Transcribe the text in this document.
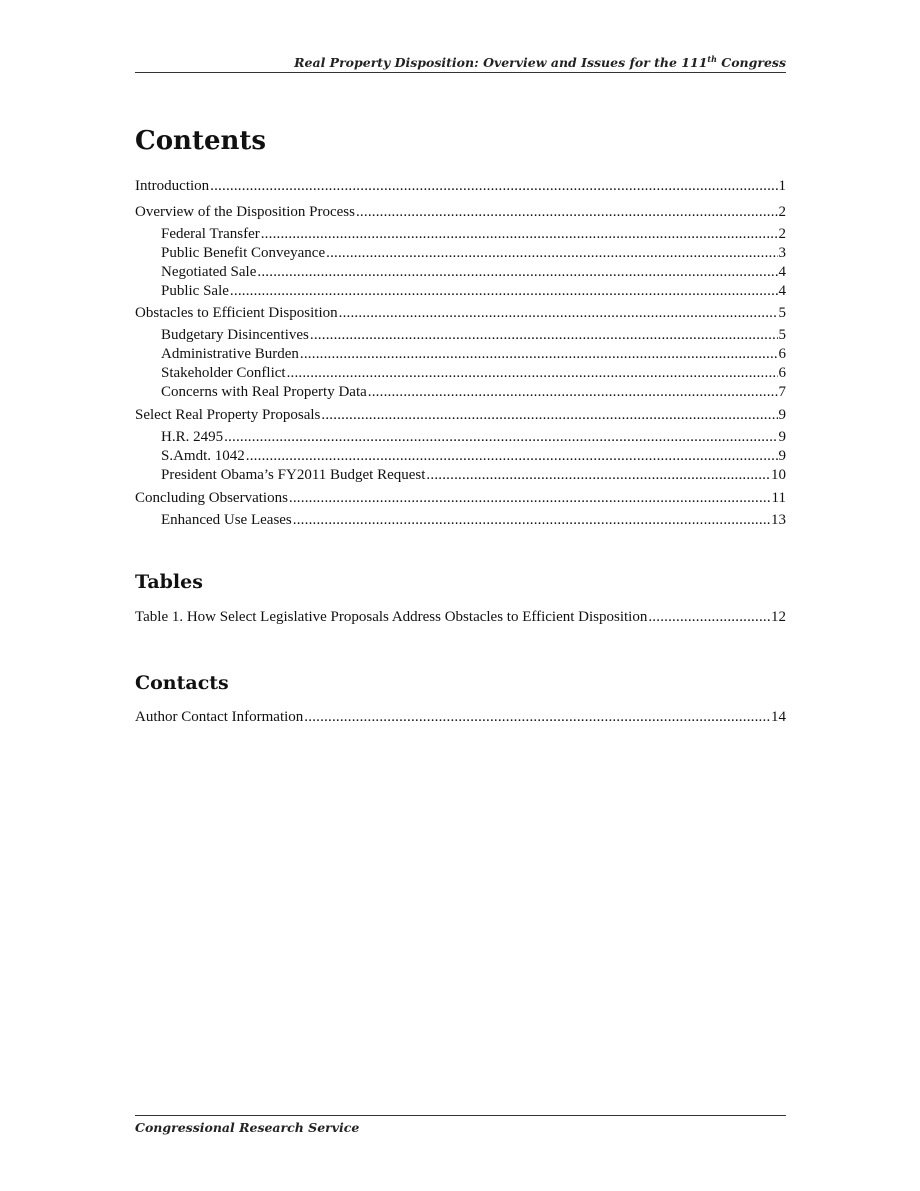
Real Property Disposition: Overview and Issues for the 111th Congress
Contents
Introduction .....	1
Overview of the Disposition Process .....	2
Federal Transfer .....	2
Public Benefit Conveyance .....	3
Negotiated Sale .....	4
Public Sale .....	4
Obstacles to Efficient Disposition .....	5
Budgetary Disincentives .....	5
Administrative Burden .....	6
Stakeholder Conflict .....	6
Concerns with Real Property Data .....	7
Select Real Property Proposals .....	9
H.R. 2495 .....	9
S.Amdt. 1042 .....	9
President Obama’s FY2011 Budget Request .....	10
Concluding Observations .....	11
Enhanced Use Leases .....	13
Tables
Table 1. How Select Legislative Proposals Address Obstacles to Efficient Disposition .....	12
Contacts
Author Contact Information .....	14
Congressional Research Service
